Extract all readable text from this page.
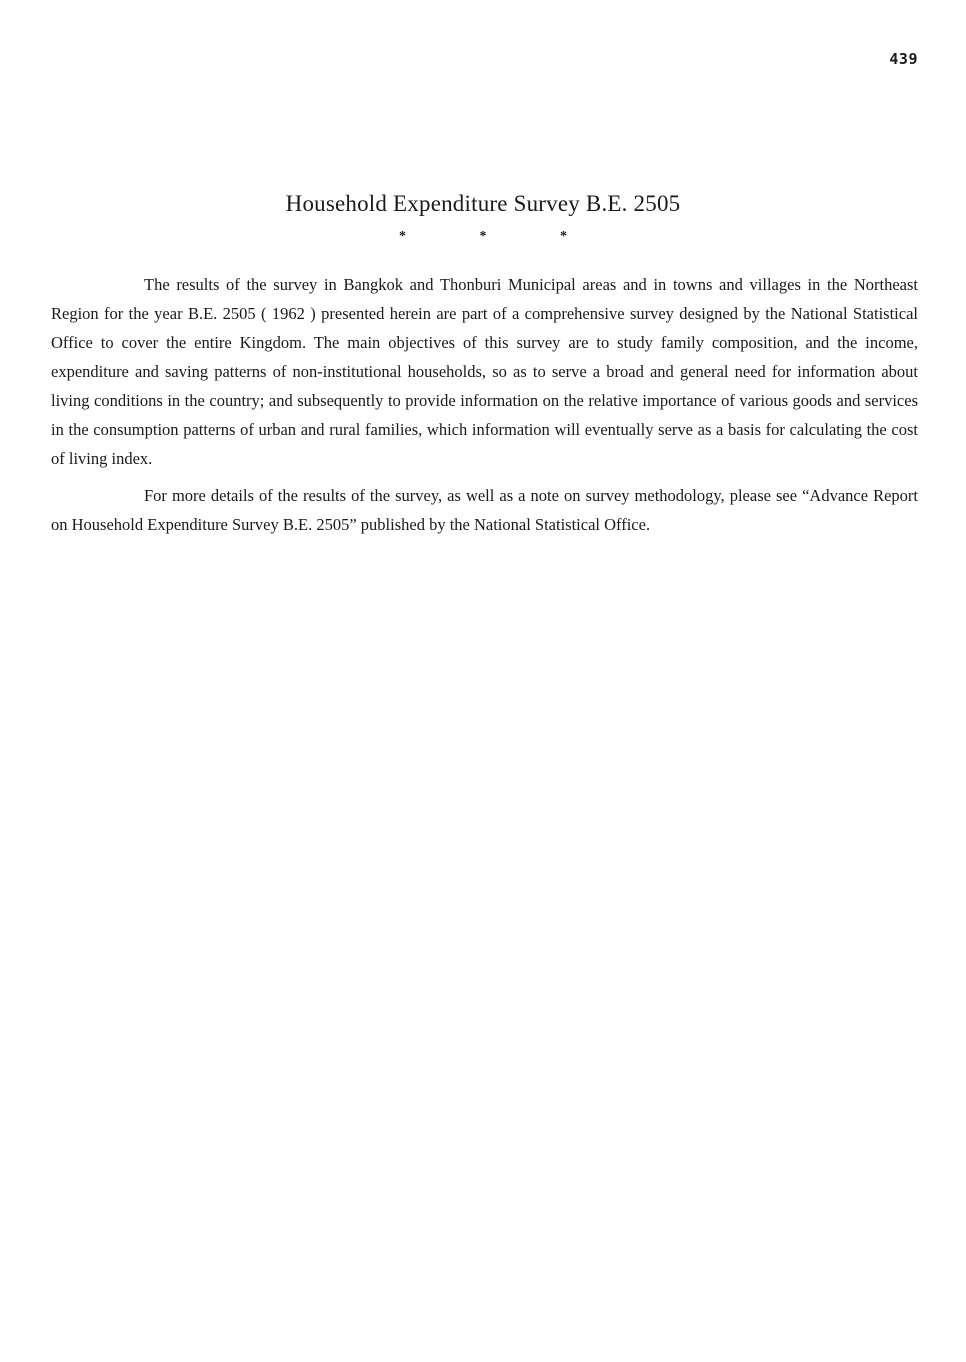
439
Household Expenditure Survey B.E. 2505
*	*	*

The results of the survey in Bangkok and Thonburi Municipal areas and in towns and villages in the Northeast Region for the year B.E. 2505 ( 1962 ) presented herein are part of a comprehensive survey designed by the National Statistical Office to cover the entire Kingdom. The main objectives of this survey are to study family composition, and the income, expenditure and saving patterns of non-institutional households, so as to serve a broad and general need for information about living conditions in the country; and subsequently to provide information on the relative importance of various goods and services in the consumption patterns of urban and rural families, which information will eventually serve as a basis for calculating the cost of living index.

For more details of the results of the survey, as well as a note on survey methodology, please see “Advance Report on Household Expenditure Survey B.E. 2505” published by the National Statistical Office.
